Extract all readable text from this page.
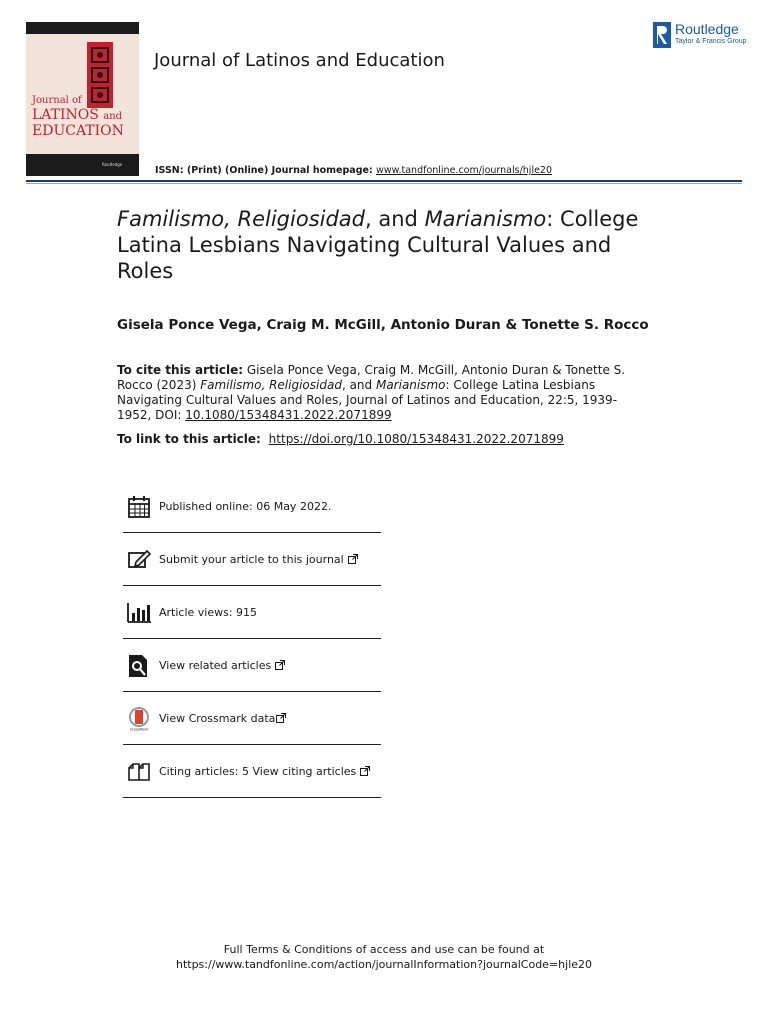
Journal of
LATINOS and
EDUCATION
Routledge
Journal of Latinos and Education
ISSN: (Print) (Online) Journal homepage: www.tandfonline.com/journals/hjle20
Routledge
Taylor & Francis Group
Familismo, Religiosidad, and Marianismo: College Latina Lesbians Navigating Cultural Values and Roles
Gisela Ponce Vega, Craig M. McGill, Antonio Duran & Tonette S. Rocco
To cite this article: Gisela Ponce Vega, Craig M. McGill, Antonio Duran & Tonette S. Rocco (2023) Familismo, Religiosidad, and Marianismo: College Latina Lesbians Navigating Cultural Values and Roles, Journal of Latinos and Education, 22:5, 1939-1952, DOI: 10.1080/15348431.2022.2071899
To link to this article: https://doi.org/10.1080/15348431.2022.2071899
Published online: 06 May 2022.
Submit your article to this journal
Article views: 915
View related articles
CrossMark
View Crossmark data
Citing articles: 5 View citing articles
Full Terms & Conditions of access and use can be found at
https://www.tandfonline.com/action/journalInformation?journalCode=hjle20
